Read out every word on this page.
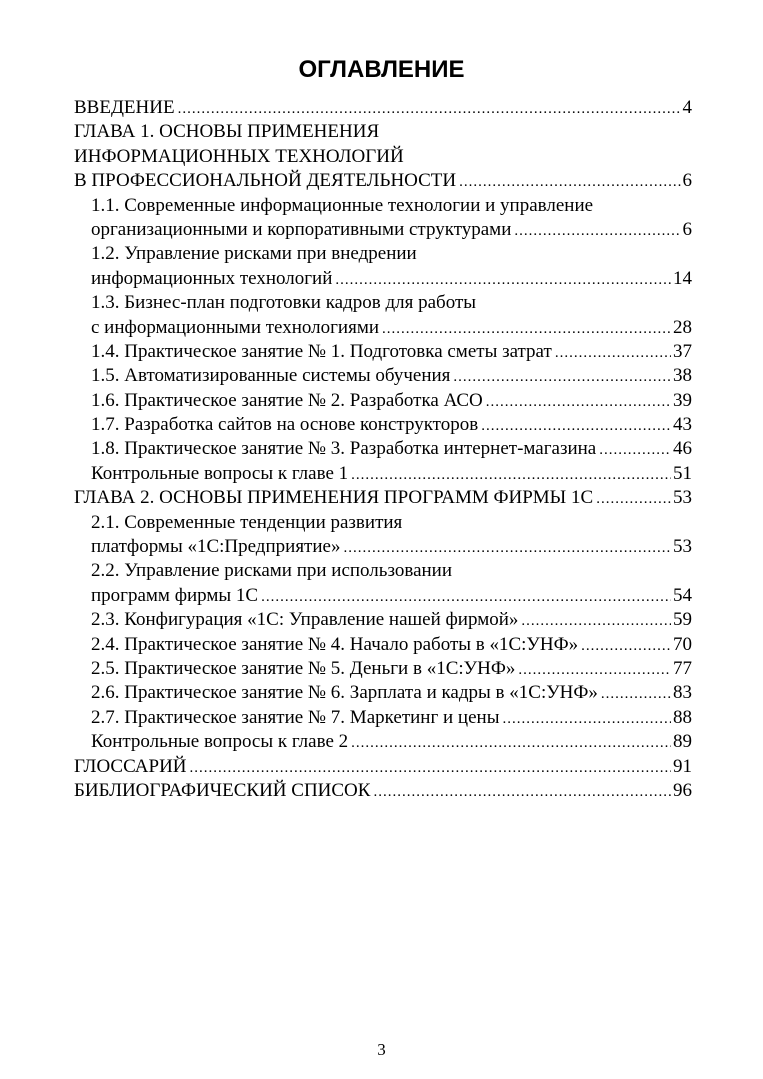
ОГЛАВЛЕНИЕ
ВВЕДЕНИЕ .....	4
ГЛАВА 1. ОСНОВЫ ПРИМЕНЕНИЯ
ИНФОРМАЦИОННЫХ ТЕХНОЛОГИЙ
В ПРОФЕССИОНАЛЬНОЙ ДЕЯТЕЛЬНОСТИ .....	6
1.1. Современные информационные технологии и управление
организационными и корпоративными структурами .....	6
1.2. Управление рисками при внедрении
информационных технологий .....	14
1.3. Бизнес-план подготовки кадров для работы
с информационными технологиями .....	28
1.4. Практическое занятие № 1. Подготовка сметы затрат .....	37
1.5. Автоматизированные системы обучения .....	38
1.6. Практическое занятие № 2. Разработка АСО .....	39
1.7. Разработка сайтов на основе конструкторов .....	43
1.8. Практическое занятие № 3. Разработка интернет-магазина .....	46
Контрольные вопросы к главе 1 .....	51
ГЛАВА 2. ОСНОВЫ ПРИМЕНЕНИЯ ПРОГРАММ ФИРМЫ 1С .....	53
2.1. Современные тенденции развития
платформы «1С:Предприятие» .....	53
2.2. Управление рисками при использовании
программ фирмы 1С .....	54
2.3. Конфигурация «1С: Управление нашей фирмой» .....	59
2.4. Практическое занятие № 4. Начало работы в «1С:УНФ» .....	70
2.5. Практическое занятие № 5. Деньги в «1С:УНФ» .....	77
2.6. Практическое занятие № 6. Зарплата и кадры в «1С:УНФ» .....	83
2.7. Практическое занятие № 7. Маркетинг и цены .....	88
Контрольные вопросы к главе 2 .....	89
ГЛОССАРИЙ .....	91
БИБЛИОГРАФИЧЕСКИЙ СПИСОК .....	96
3
